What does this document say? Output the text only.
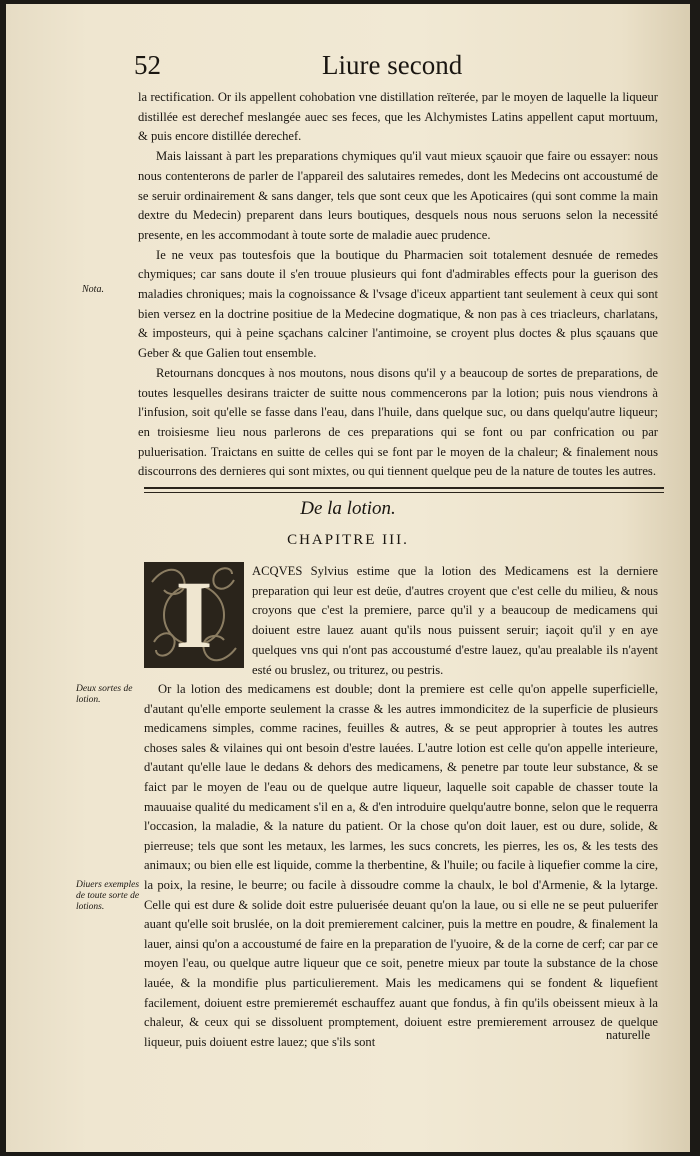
52	Liure second

la rectification. Or ils appellent cohobation vne distillation reïterée, par le moyen de laquelle la liqueur distillée est derechef meslangée auec ses feces, que les Alchymistes Latins appellent caput mortuum, & puis encore distillée derechef.

Mais laissant à part les preparations chymiques qu'il vaut mieux sçauoir que faire ou essayer: nous nous contenterons de parler de l'appareil des salutaires remedes, dont les Medecins ont accoustumé de se seruir ordinairement & sans danger, tels que sont ceux que les Apoticaires (qui sont comme la main dextre du Medecin) preparent dans leurs boutiques, desquels nous nous seruons selon la necessité presente, en les accommodant à toute sorte de maladie auec prudence.

Ie ne veux pas toutesfois que la boutique du Pharmacien soit totalement desnuée de remedes chymiques; car sans doute il s'en trouue plusieurs qui font d'admirables effects pour la guerison des maladies chroniques; mais la cognoissance & l'vsage d'iceux appartient tant seulement à ceux qui sont bien versez en la doctrine positiue de la Medecine dogmatique, & non pas à ces triacleurs, charlatans, & imposteurs, qui à peine sçachans calciner l'antimoine, se croyent plus doctes & plus sçauans que Geber & que Galien tout ensemble.

Retournans doncques à nos moutons, nous disons qu'il y a beaucoup de sortes de preparations, de toutes lesquelles desirans traicter de suitte nous commencerons par la lotion; puis nous viendrons à l'infusion, soit qu'elle se fasse dans l'eau, dans l'huile, dans quelque suc, ou dans quelqu'autre liqueur; en troisiesme lieu nous parlerons de ces preparations qui se font ou par confrication ou par puluerisation. Traictans en suitte de celles qui se font par le moyen de la chaleur; & finalement nous discourrons des dernieres qui sont mixtes, ou qui tiennent quelque peu de la nature de toutes les autres.

Nota.
De la lotion.
CHAPITRE III.
I	ACQVES Sylvius estime que la lotion des Medicamens est la derniere preparation qui leur est deüe, d'autres croyent que c'est celle du milieu, & nous croyons que c'est la premiere, parce qu'il y a beaucoup de medicamens qui doiuent estre lauez auant qu'ils nous puissent seruir; iaçoit qu'il y en aye quelques vns qui n'ont pas accoustumé d'estre lauez, qu'au prealable ils n'ayent esté ou bruslez, ou triturez, ou pestris.

Deux sortes de lotion.
Diuers exemples de toute sorte de lotions.

Or la lotion des medicamens est double; dont la premiere est celle qu'on appelle superficielle, d'autant qu'elle emporte seulement la crasse & les autres immondicitez de la superficie de plusieurs medicamens simples, comme racines, feuilles & autres, & se peut approprier à toutes les autres choses sales & vilaines qui ont besoin d'estre lauées. L'autre lotion est celle qu'on appelle interieure, d'autant qu'elle laue le dedans & dehors des medicamens, & penetre par toute leur substance, & se faict par le moyen de l'eau ou de quelque autre liqueur, laquelle soit capable de chasser toute la mauuaise qualité du medicament s'il en a, & d'en introduire quelqu'autre bonne, selon que le requerra l'occasion, la maladie, & la nature du patient. Or la chose qu'on doit lauer, est ou dure, solide, & pierreuse; tels que sont les metaux, les larmes, les sucs concrets, les pierres, les os, & les tests des animaux; ou bien elle est liquide, comme la therbentine, & l'huile; ou facile à liquefier comme la cire, la poix, la resine, le beurre; ou facile à dissoudre comme la chaulx, le bol d'Armenie, & la lytarge. Celle qui est dure & solide doit estre puluerisée deuant qu'on la laue, ou si elle ne se peut puluerifer auant qu'elle soit bruslée, on la doit premierement calciner, puis la mettre en poudre, & finalement la lauer, ainsi qu'on a accoustumé de faire en la preparation de l'yuoire, & de la corne de cerf; car par ce moyen l'eau, ou quelque autre liqueur que ce soit, penetre mieux par toute la substance de la chose lauée, & la mondifie plus particulierement. Mais les medicamens qui se fondent & liquefient facilement, doiuent estre premieremét eschauffez auant que fondus, à fin qu'ils obeissent mieux à la chaleur, & ceux qui se dissoluent promptement, doiuent estre premierement arrousez de quelque liqueur, puis doiuent estre lauez; que s'ils sont	naturelle
